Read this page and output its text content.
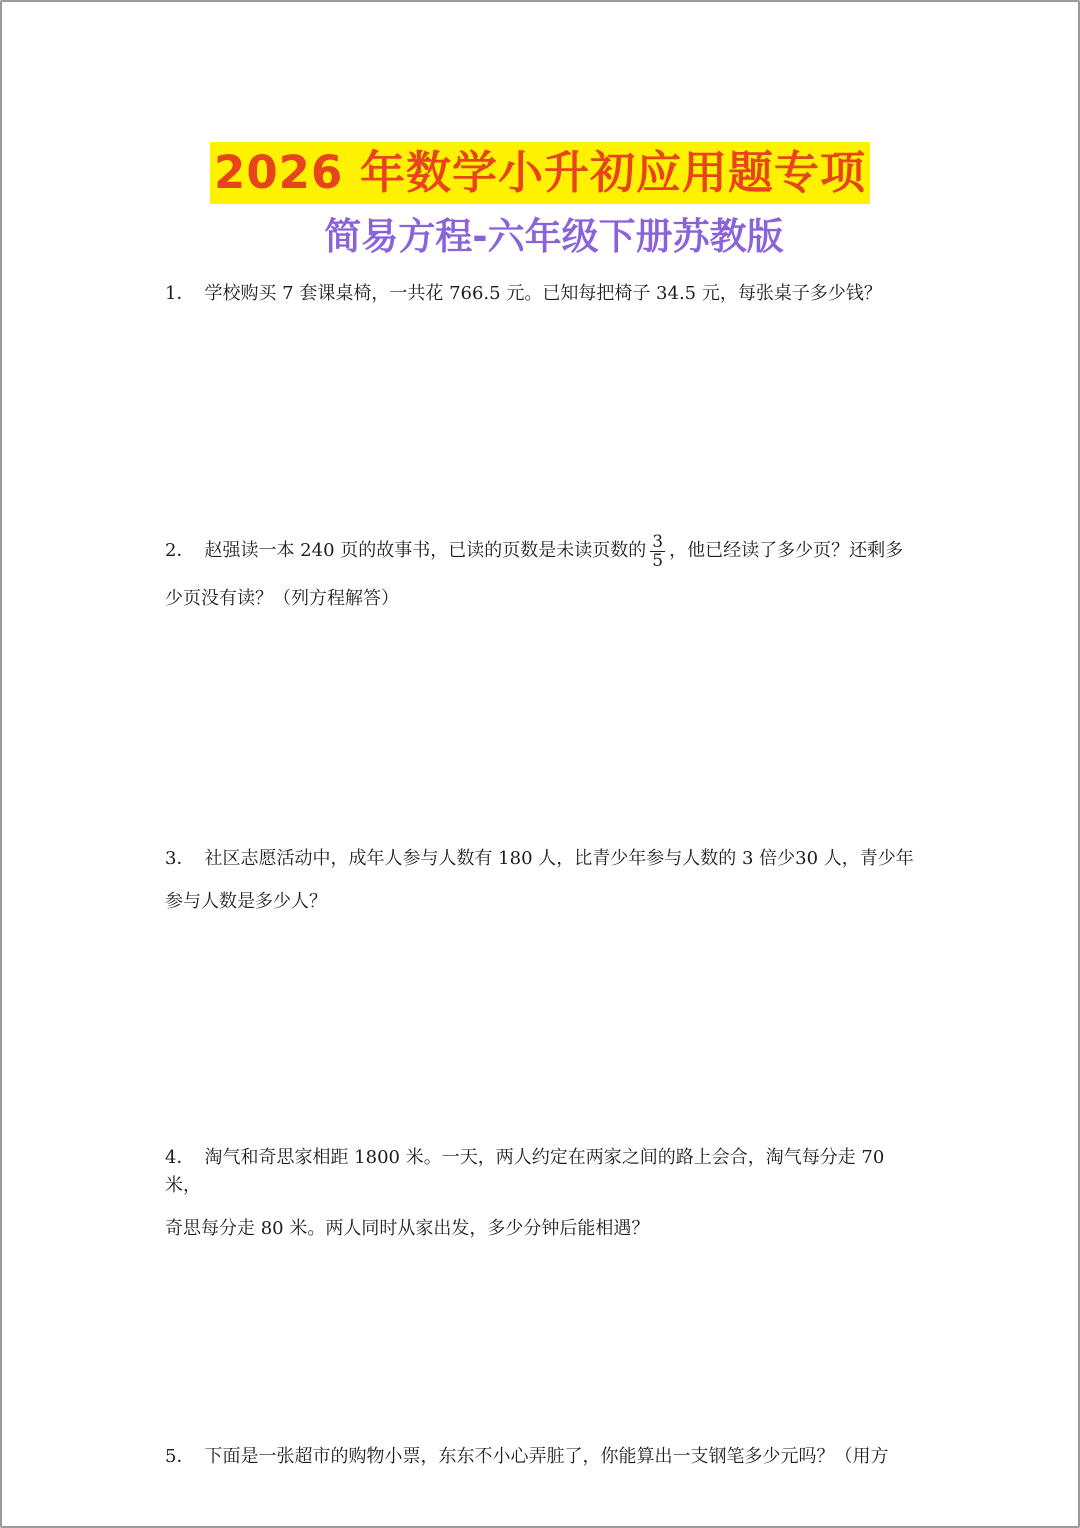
2026 年数学小升初应用题专项
简易方程-六年级下册苏教版
1． 学校购买 7 套课桌椅，一共花 766.5 元。已知每把椅子 34.5 元，每张桌子多少钱？
2． 赵强读一本 240 页的故事书，已读的页数是未读页数的 $\frac{3}{5}$ ，他已经读了多少页？还剩多
少页没有读？（列方程解答）
3． 社区志愿活动中，成年人参与人数有 180 人，比青少年参与人数的 3 倍少30 人，青少年
参与人数是多少人？
4． 淘气和奇思家相距 1800 米。一天，两人约定在两家之间的路上会合，淘气每分走 70 米，
奇思每分走 80 米。两人同时从家出发，多少分钟后能相遇？
5． 下面是一张超市的购物小票，东东不小心弄脏了，你能算出一支钢笔多少元吗？（用方
